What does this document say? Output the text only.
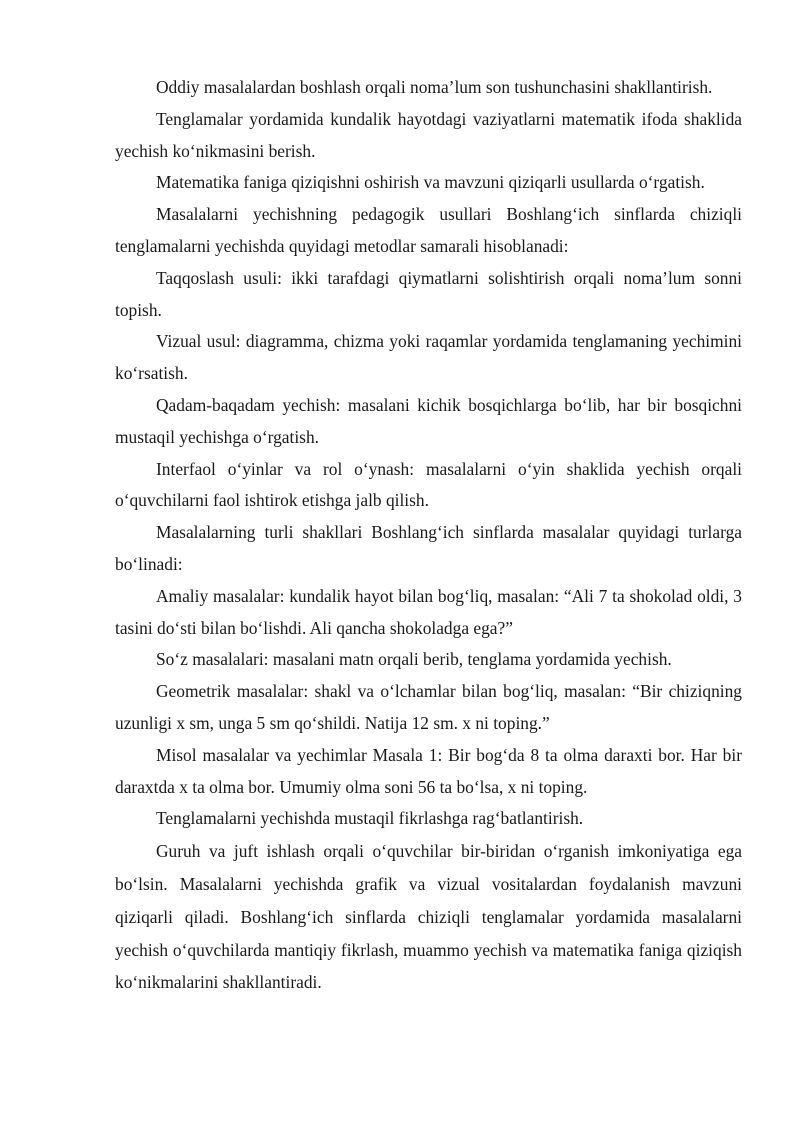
Oddiy masalalardan boshlash orqali noma’lum son tushunchasini shakllantirish.

Tenglamalar yordamida kundalik hayotdagi vaziyatlarni matematik ifoda shaklida yechish ko‘nikmasini berish.

Matematika faniga qiziqishni oshirish va mavzuni qiziqarli usullarda o‘rgatish.

Masalalarni yechishning pedagogik usullari Boshlang‘ich sinflarda chiziqli tenglamalarni yechishda quyidagi metodlar samarali hisoblanadi:

Taqqoslash usuli: ikki tarafdagi qiymatlarni solishtirish orqali noma’lum sonni topish.

Vizual usul: diagramma, chizma yoki raqamlar yordamida tenglamaning yechimini ko‘rsatish.

Qadam-baqadam yechish: masalani kichik bosqichlarga bo‘lib, har bir bosqichni mustaqil yechishga o‘rgatish.

Interfaol o‘yinlar va rol o‘ynash: masalalarni o‘yin shaklida yechish orqali o‘quvchilarni faol ishtirok etishga jalb qilish.

Masalalarning turli shakllari Boshlang‘ich sinflarda masalalar quyidagi turlarga bo‘linadi:

Amaliy masalalar: kundalik hayot bilan bog‘liq, masalan: “Ali 7 ta shokolad oldi, 3 tasini do‘sti bilan bo‘lishdi. Ali qancha shokoladga ega?”

So‘z masalalari: masalani matn orqali berib, tenglama yordamida yechish.

Geometrik masalalar: shakl va o‘lchamlar bilan bog‘liq, masalan: “Bir chiziqning uzunligi x sm, unga 5 sm qo‘shildi. Natija 12 sm. x ni toping.”

Misol masalalar va yechimlar Masala 1: Bir bog‘da 8 ta olma daraxti bor. Har bir daraxtda x ta olma bor. Umumiy olma soni 56 ta bo‘lsa, x ni toping.

Tenglamalarni yechishda mustaqil fikrlashga rag‘batlantirish.

Guruh va juft ishlash orqali o‘quvchilar bir-biridan o‘rganish imkoniyatiga ega bo‘lsin. Masalalarni yechishda grafik va vizual vositalardan foydalanish mavzuni qiziqarli qiladi. Boshlang‘ich sinflarda chiziqli tenglamalar yordamida masalalarni yechish o‘quvchilarda mantiqiy fikrlash, muammo yechish va matematika faniga qiziqish ko‘nikmalarini shakllantiradi.
